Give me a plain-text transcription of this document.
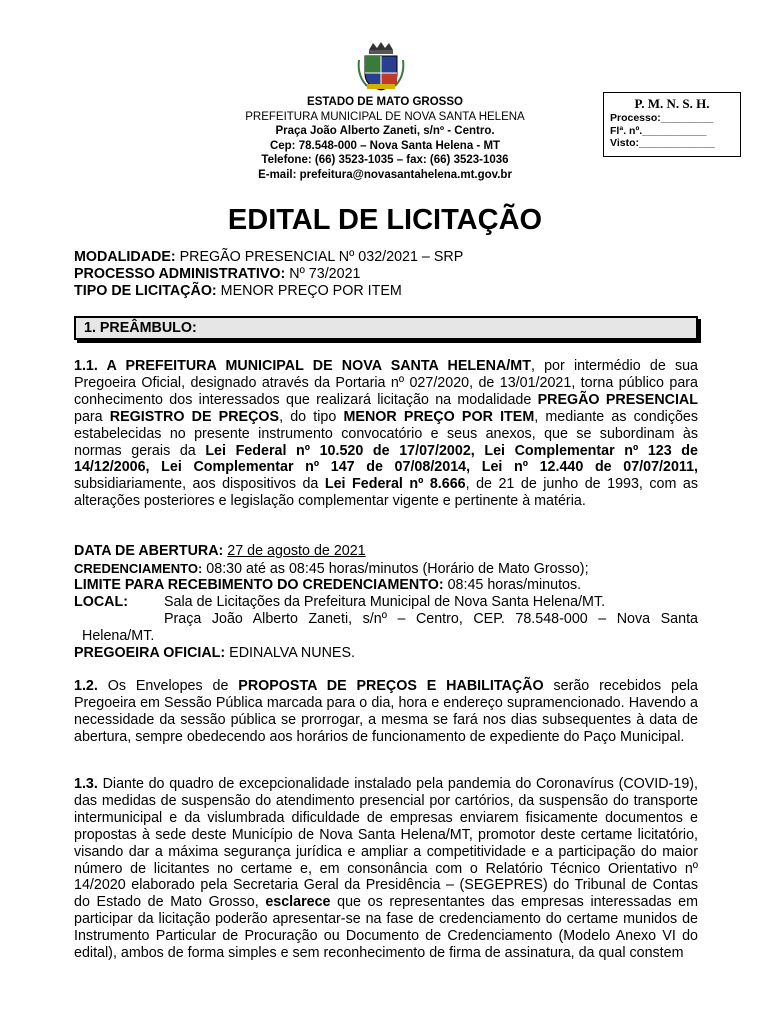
ESTADO DE MATO GROSSO
PREFEITURA MUNICIPAL DE NOVA SANTA HELENA
Praça João Alberto Zaneti, s/nº - Centro.
Cep: 78.548-000 – Nova Santa Helena - MT
Telefone: (66) 3523-1035 – fax: (66) 3523-1036
E-mail: prefeitura@novasantahelena.mt.gov.br
P. M. N. S. H.
Processo:_________
Flª. nº.___________
Visto:_____________
EDITAL DE LICITAÇÃO
MODALIDADE: PREGÃO PRESENCIAL Nº 032/2021 – SRP
PROCESSO ADMINISTRATIVO: Nº 73/2021
TIPO DE LICITAÇÃO: MENOR PREÇO POR ITEM
1. PREÂMBULO:
1.1. A PREFEITURA MUNICIPAL DE NOVA SANTA HELENA/MT, por intermédio de sua Pregoeira Oficial, designado através da Portaria nº 027/2020, de 13/01/2021, torna público para conhecimento dos interessados que realizará licitação na modalidade PREGÃO PRESENCIAL para REGISTRO DE PREÇOS, do tipo MENOR PREÇO POR ITEM, mediante as condições estabelecidas no presente instrumento convocatório e seus anexos, que se subordinam às normas gerais da Lei Federal nº 10.520 de 17/07/2002, Lei Complementar nº 123 de 14/12/2006, Lei Complementar nº 147 de 07/08/2014, Lei nº 12.440 de 07/07/2011, subsidiariamente, aos dispositivos da Lei Federal nº 8.666, de 21 de junho de 1993, com as alterações posteriores e legislação complementar vigente e pertinente à matéria.
DATA DE ABERTURA: 27 de agosto de 2021
CREDENCIAMENTO: 08:30 até as 08:45 horas/minutos (Horário de Mato Grosso);
LIMITE PARA RECEBIMENTO DO CREDENCIAMENTO: 08:45 horas/minutos.
LOCAL:	Sala de Licitações da Prefeitura Municipal de Nova Santa Helena/MT.
Praça João Alberto Zaneti, s/nº – Centro, CEP. 78.548-000 – Nova Santa
Helena/MT.
PREGOEIRA OFICIAL: EDINALVA NUNES.
1.2. Os Envelopes de PROPOSTA DE PREÇOS E HABILITAÇÃO serão recebidos pela Pregoeira em Sessão Pública marcada para o dia, hora e endereço supramencionado. Havendo a necessidade da sessão pública se prorrogar, a mesma se fará nos dias subsequentes à data de abertura, sempre obedecendo aos horários de funcionamento de expediente do Paço Municipal.
1.3. Diante do quadro de excepcionalidade instalado pela pandemia do Coronavírus (COVID-19), das medidas de suspensão do atendimento presencial por cartórios, da suspensão do transporte intermunicipal e da vislumbrada dificuldade de empresas enviarem fisicamente documentos e propostas à sede deste Município de Nova Santa Helena/MT, promotor deste certame licitatório, visando dar a máxima segurança jurídica e ampliar a competitividade e a participação do maior número de licitantes no certame e, em consonância com o Relatório Técnico Orientativo nº 14/2020 elaborado pela Secretaria Geral da Presidência – (SEGEPRES) do Tribunal de Contas do Estado de Mato Grosso, esclarece que os representantes das empresas interessadas em participar da licitação poderão apresentar-se na fase de credenciamento do certame munidos de Instrumento Particular de Procuração ou Documento de Credenciamento (Modelo Anexo VI do edital), ambos de forma simples e sem reconhecimento de firma de assinatura, da qual constem
